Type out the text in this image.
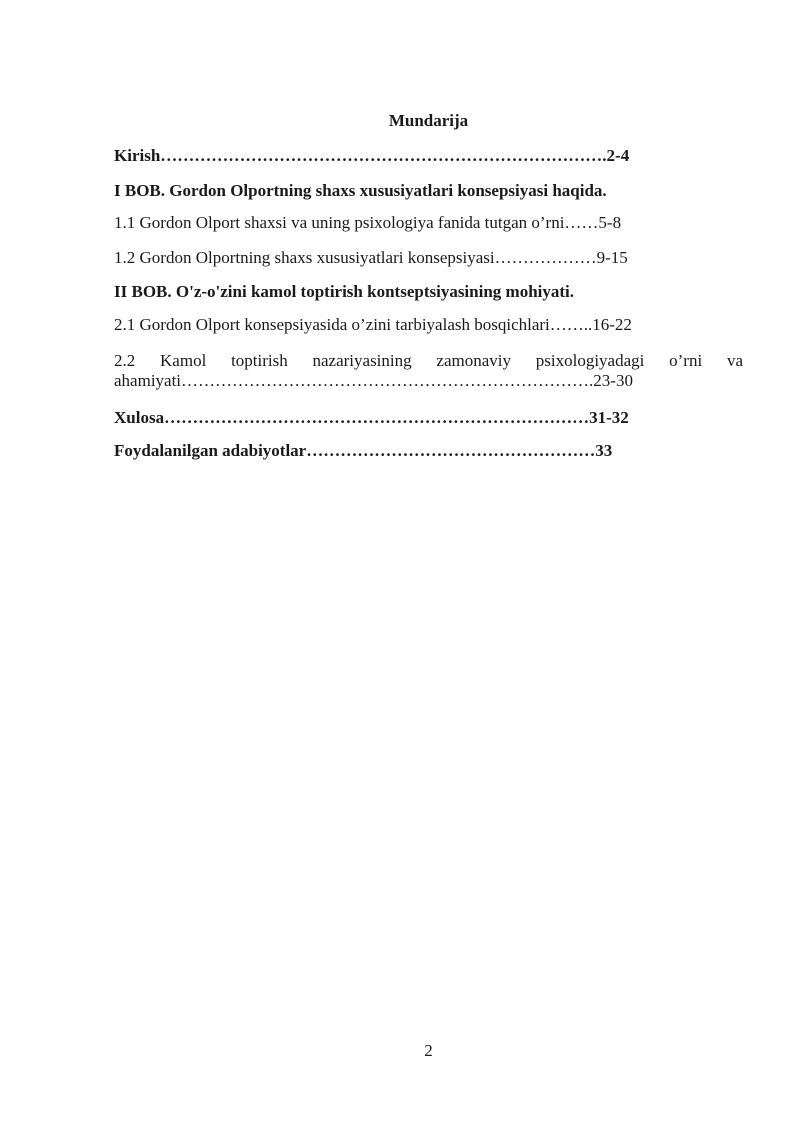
Mundarija
Kirish…………………………………………………………………….2-4
I BOB. Gordon Olportning shaxs xususiyatlari konsepsiyasi haqida.
1.1 Gordon Olport shaxsi va uning psixologiya fanida tutgan o’rni……5-8
1.2 Gordon Olportning shaxs xususiyatlari konsepsiyasi………………9-15
II BOB. O'z-o'zini kamol toptirish kontseptsiyasining mohiyati.
2.1 Gordon Olport konsepsiyasida o’zini tarbiyalash bosqichlari……..16-22
2.2 Kamol toptirish nazariyasining zamonaviy psixologiyadagi o’rni va ahamiyati……………………………………………………………….23-30
Xulosa…………………………………………………………………31-32
Foydalanilgan adabiyotlar……………………………………………33

2
